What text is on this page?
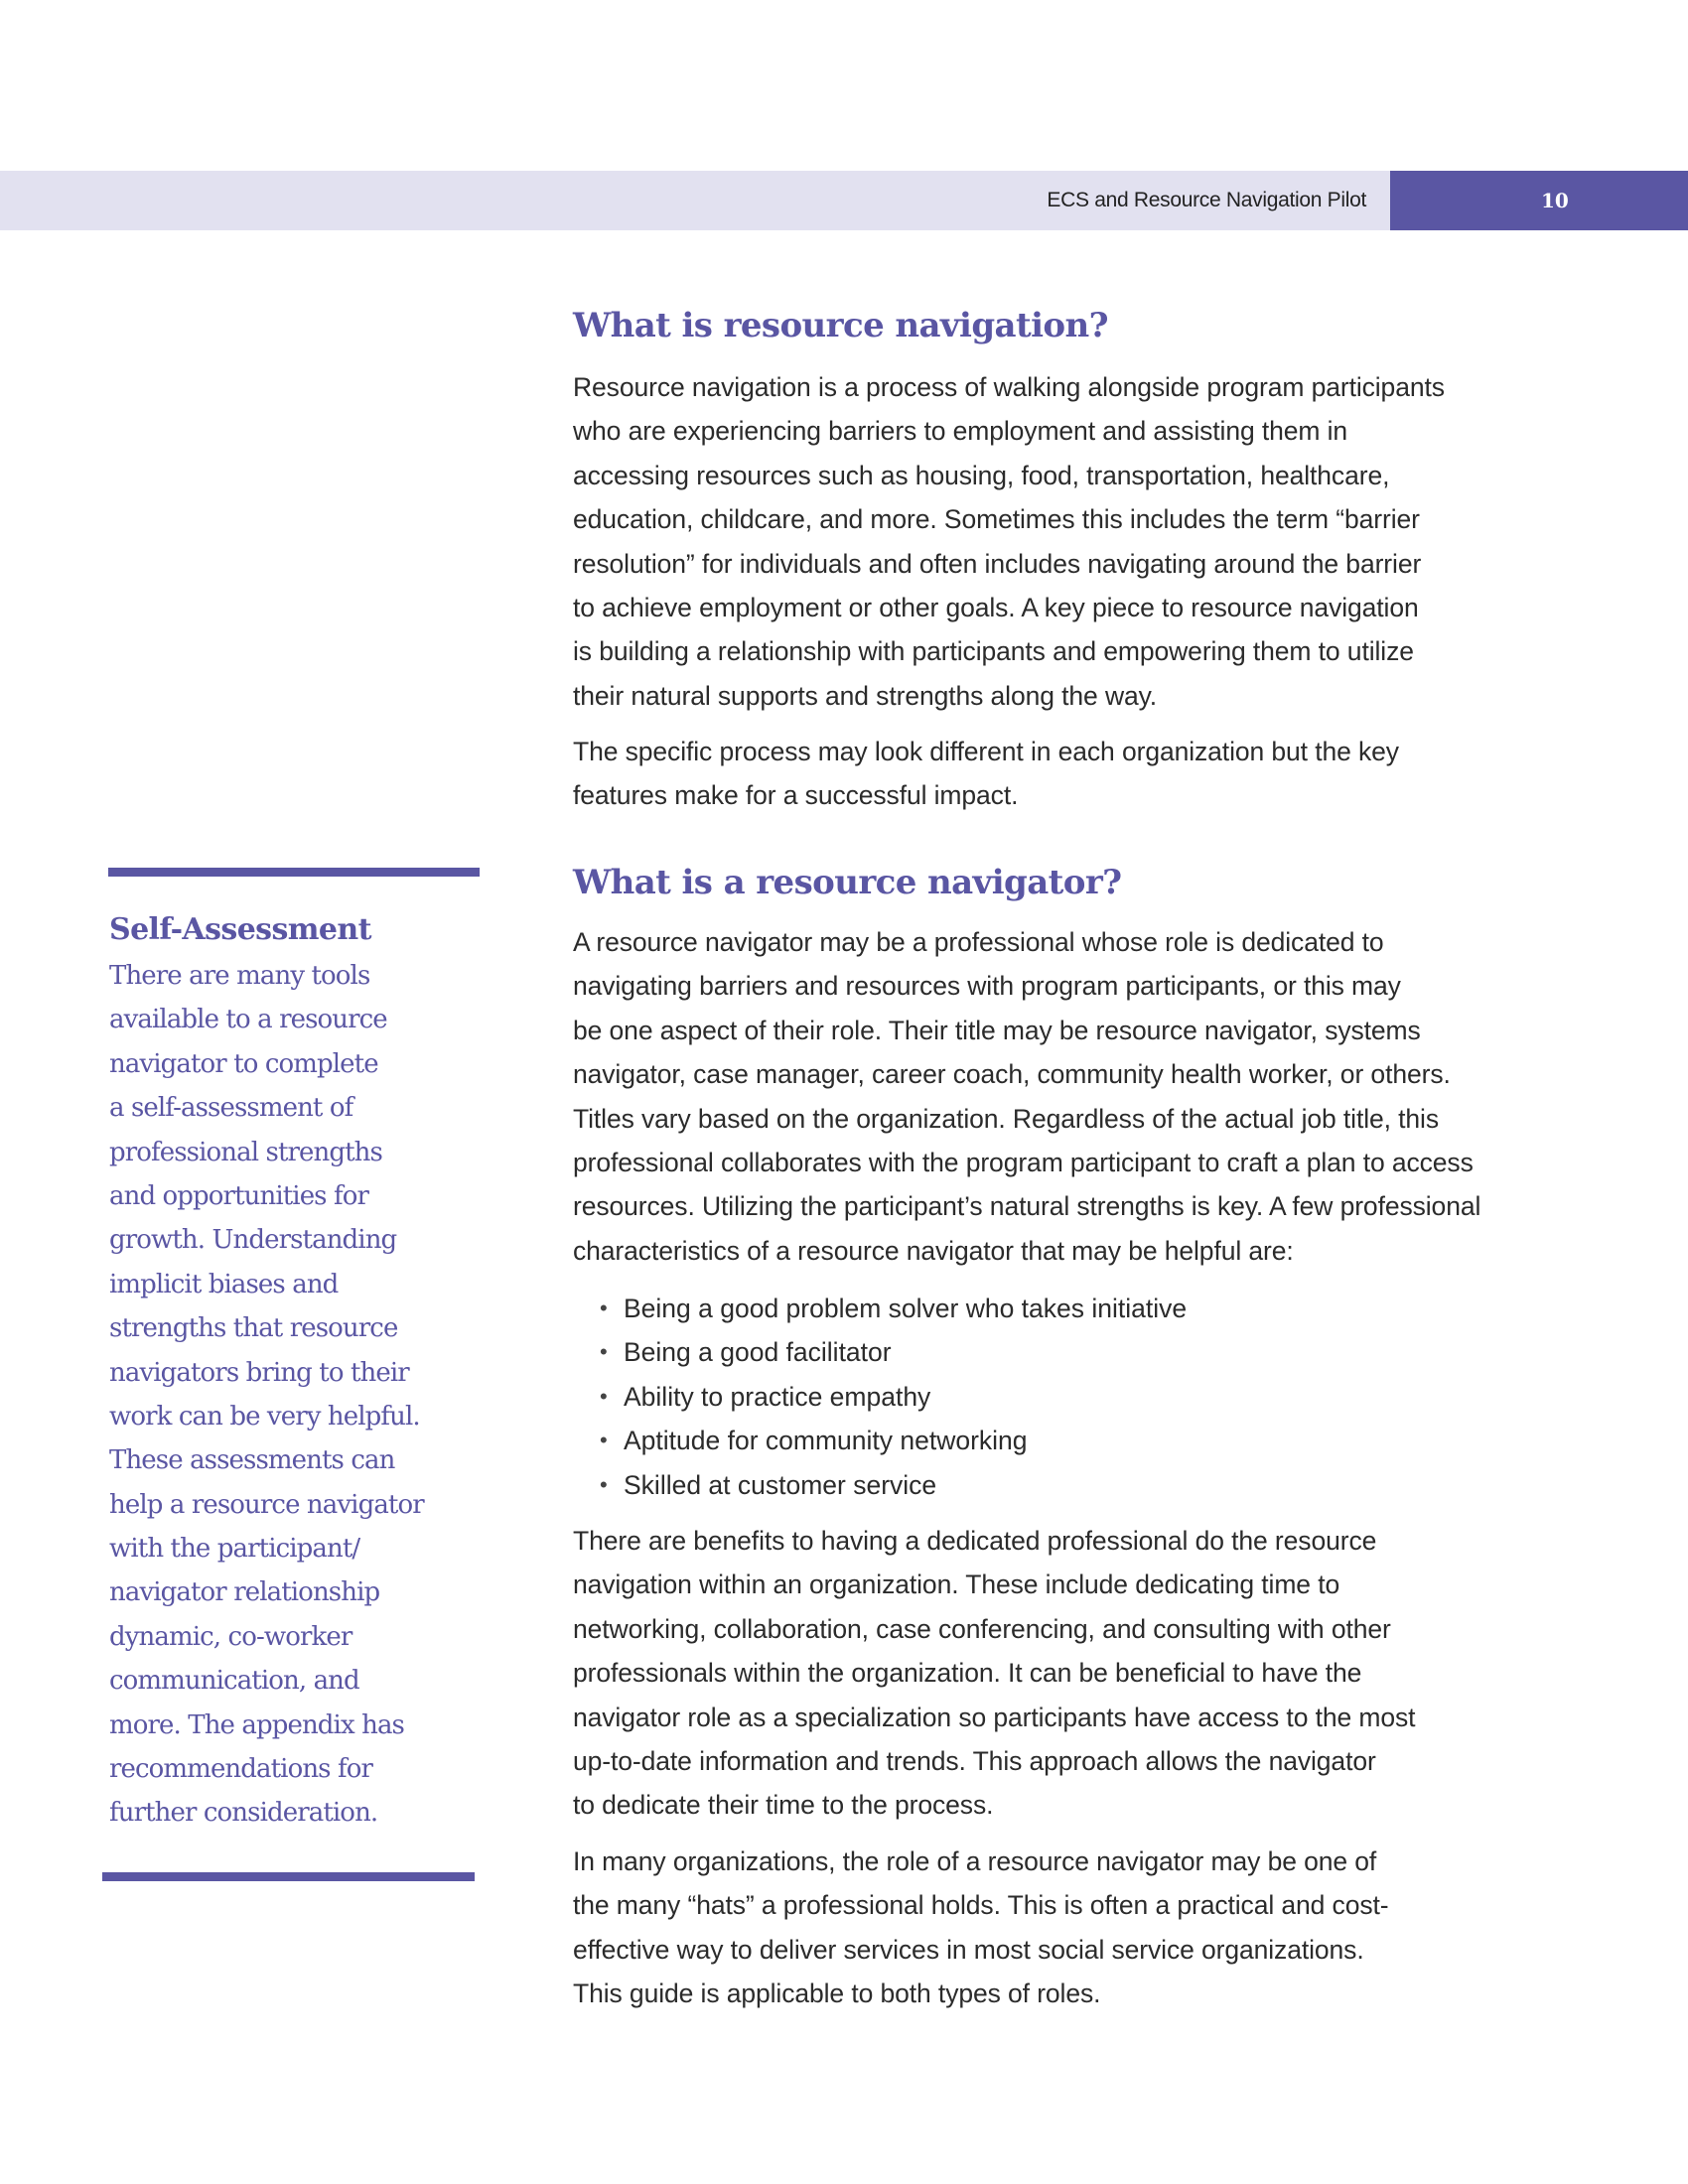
ECS and Resource Navigation Pilot	10
What is resource navigation?
Resource navigation is a process of walking alongside program participants
who are experiencing barriers to employment and assisting them in
accessing resources such as housing, food, transportation, healthcare,
education, childcare, and more. Sometimes this includes the term “barrier
resolution” for individuals and often includes navigating around the barrier
to achieve employment or other goals. A key piece to resource navigation
is building a relationship with participants and empowering them to utilize
their natural supports and strengths along the way.
The specific process may look different in each organization but the key
features make for a successful impact.
What is a resource navigator?
A resource navigator may be a professional whose role is dedicated to
navigating barriers and resources with program participants, or this may
be one aspect of their role. Their title may be resource navigator, systems
navigator, case manager, career coach, community health worker, or others.
Titles vary based on the organization. Regardless of the actual job title, this
professional collaborates with the program participant to craft a plan to access
resources. Utilizing the participant’s natural strengths is key. A few professional
characteristics of a resource navigator that may be helpful are:
• Being a good problem solver who takes initiative
• Being a good facilitator
• Ability to practice empathy
• Aptitude for community networking
• Skilled at customer service
There are benefits to having a dedicated professional do the resource
navigation within an organization. These include dedicating time to
networking, collaboration, case conferencing, and consulting with other
professionals within the organization. It can be beneficial to have the
navigator role as a specialization so participants have access to the most
up-to-date information and trends. This approach allows the navigator
to dedicate their time to the process.
In many organizations, the role of a resource navigator may be one of
the many “hats” a professional holds. This is often a practical and cost-
effective way to deliver services in most social service organizations.
This guide is applicable to both types of roles.
Self-Assessment
There are many tools
available to a resource
navigator to complete
a self-assessment of
professional strengths
and opportunities for
growth. Understanding
implicit biases and
strengths that resource
navigators bring to their
work can be very helpful.
These assessments can
help a resource navigator
with the participant/
navigator relationship
dynamic, co-worker
communication, and
more. The appendix has
recommendations for
further consideration.
